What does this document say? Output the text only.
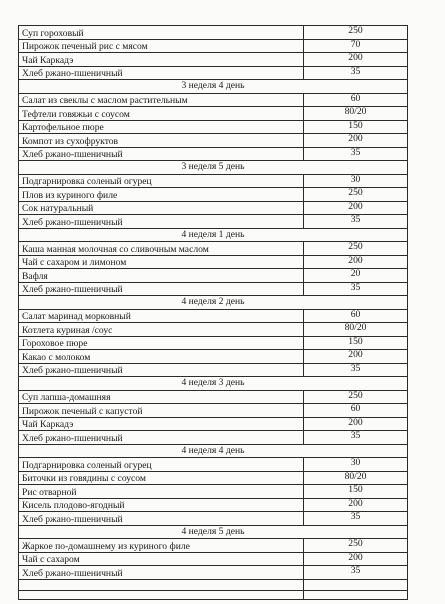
Суп гороховый	250
Пирожок печеный рис с мясом	70
Чай Каркадэ	200
Хлеб ржано-пшеничный	35
3 неделя 4 день	
Салат из свеклы с маслом растительным	60
Тефтели говяжьи с соусом	80/20
Картофельное пюре	150
Компот из сухофруктов	200
Хлеб ржано-пшеничный	35
3 неделя 5 день	
Подгарнировка соленый огурец	30
Плов из куриного филе	250
Сок натуральный	200
Хлеб ржано-пшеничный	35
4 неделя 1 день	
Каша манная молочная со сливочным маслом	250
Чай с сахаром и лимоном	200
Вафля	20
Хлеб ржано-пшеничный	35
4 неделя 2 день	
Салат маринад морковный	60
Котлета куриная /соус	80/20
Гороховое пюре	150
Какао с молоком	200
Хлеб ржано-пшеничный	35
4 неделя 3 день	
Суп лапша-домашняя	250
Пирожок печеный с капустой	60
Чай Каркадэ	200
Хлеб ржано-пшеничный	35
4 неделя 4 день	
Подгарнировка соленый огурец	30
Биточки из говядины с соусом	80/20
Рис отварной	150
Кисель плодово-ягодный	200
Хлеб ржано-пшеничный	35
4 неделя 5 день	
Жаркое по-домашнему из куриного филе	250
Чай с сахаром	200
Хлеб ржано-пшеничный	35
